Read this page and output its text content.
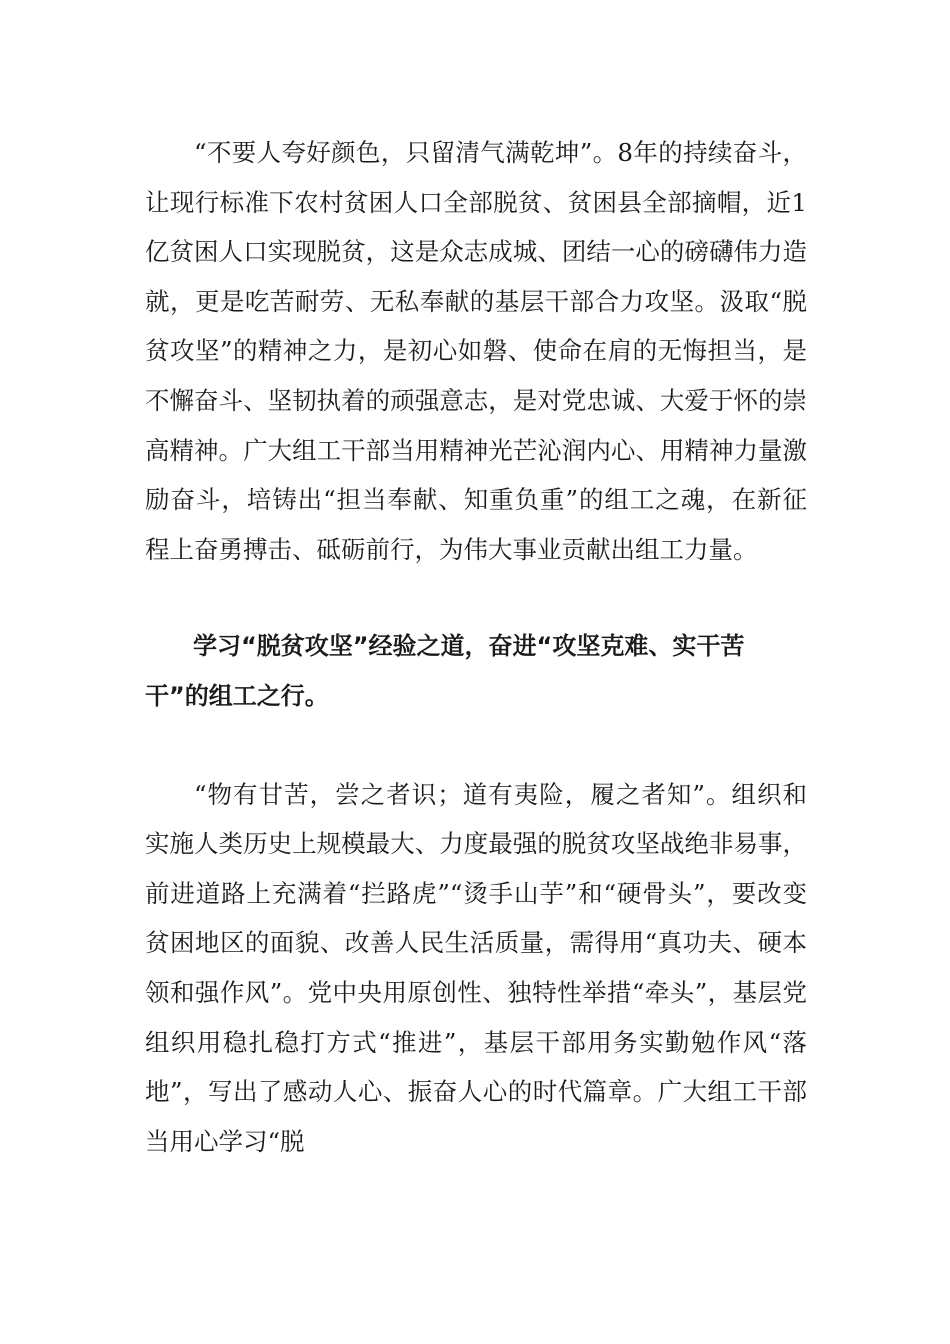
“不要人夸好颜色，只留清气满乾坤”。8年的持续奋斗，让现行标准下农村贫困人口全部脱贫、贫困县全部摘帽，近1亿贫困人口实现脱贫，这是众志成城、团结一心的磅礴伟力造就，更是吃苦耐劳、无私奉献的基层干部合力攻坚。汲取“脱贫攻坚”的精神之力，是初心如磐、使命在肩的无悔担当，是不懈奋斗、坚韧执着的顽强意志，是对党忠诚、大爱于怀的崇高精神。广大组工干部当用精神光芒沁润内心、用精神力量激励奋斗，培铸出“担当奉献、知重负重”的组工之魂，在新征程上奋勇搏击、砥砺前行，为伟大事业贡献出组工力量。

学习“脱贫攻坚”经验之道，奋进“攻坚克难、实干苦干”的组工之行。

“物有甘苦，尝之者识；道有夷险，履之者知”。组织和实施人类历史上规模最大、力度最强的脱贫攻坚战绝非易事，前进道路上充满着“拦路虎”“烫手山芋”和“硬骨头”，要改变贫困地区的面貌、改善人民生活质量，需得用“真功夫、硬本领和强作风”。党中央用原创性、独特性举措“牵头”，基层党组织用稳扎稳打方式“推进”，基层干部用务实勤勉作风“落地”，写出了感动人心、振奋人心的时代篇章。广大组工干部当用心学习“脱
